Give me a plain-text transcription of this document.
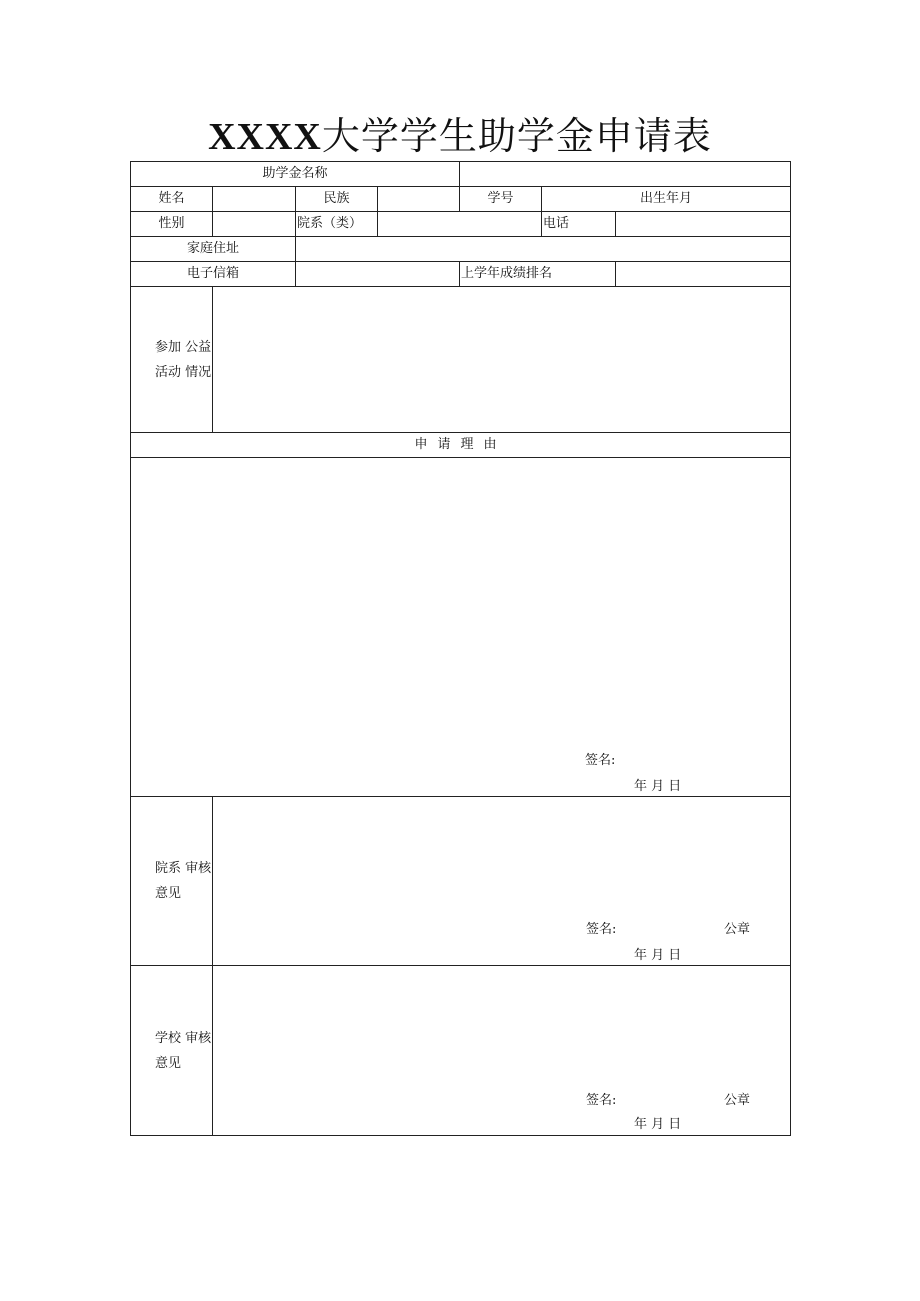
XXXX大学学生助学金申请表
助学金名称						
姓名		民族		学号	出生年月	
性别		院系（类）			电话	
家庭住址						
电子信箱				上学年成绩排名		
参加 公益 活动 情况						
申请理由						

签名:
年 月 日						

院系 审核 意见	签名: 公章
年 月 日					

学校 审核 意见	签名: 公章
年 月 日					
